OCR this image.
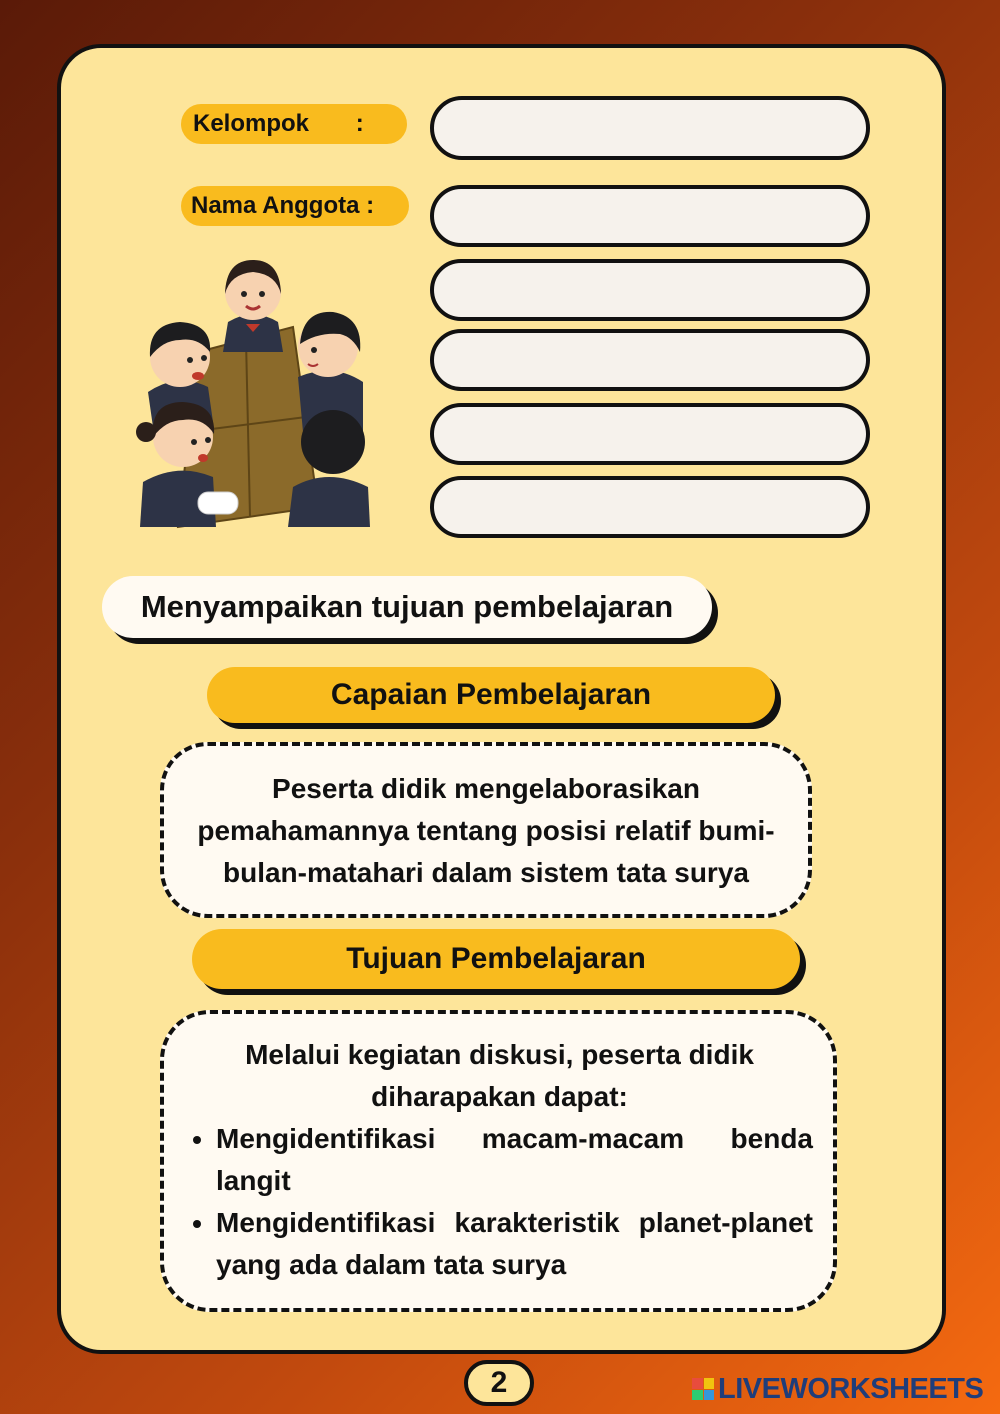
Kelompok       :
Nama Anggota :
Menyampaikan tujuan pembelajaran
Capaian Pembelajaran
Peserta didik mengelaborasikan
pemahamannya tentang posisi relatif bumi-
bulan-matahari dalam sistem tata surya
Tujuan Pembelajaran
Melalui kegiatan diskusi, peserta didik
diharapakan dapat:
• Mengidentifikasi macam-macam benda langit
• Mengidentifikasi karakteristik planet-planet yang ada dalam tata surya
2	LIVEWORKSHEETS
